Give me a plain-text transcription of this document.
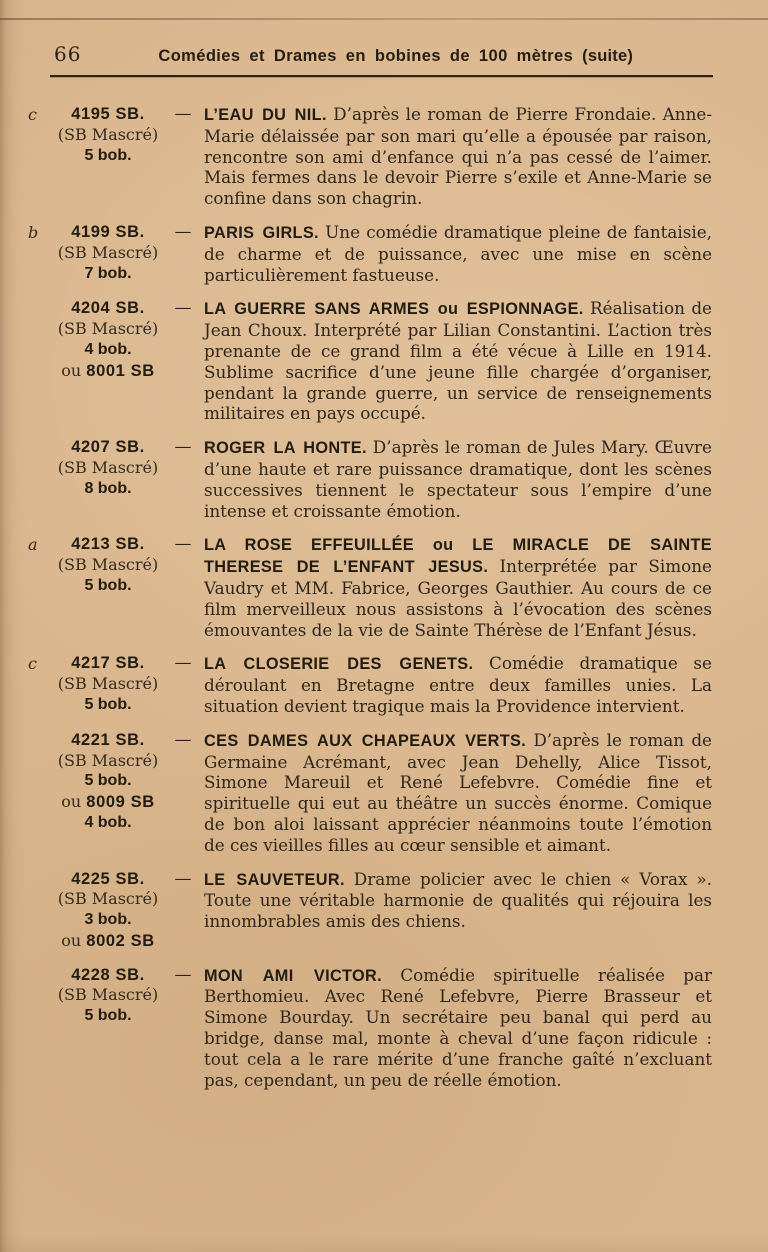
66	Comédies et Drames en bobines de 100 mètres (suite)
c	4195 SB.
(SB Mascré)
5 bob.
— L’EAU DU NIL. D’après le roman de Pierre Frondaie. Anne-Marie délaissée par son mari qu’elle a épousée par raison, rencontre son ami d’enfance qui n’a pas cessé de l’aimer. Mais fermes dans le devoir Pierre s’exile et Anne-Marie se confine dans son chagrin.

b	4199 SB.
(SB Mascré)
7 bob.
— PARIS GIRLS. Une comédie dramatique pleine de fantaisie, de charme et de puissance, avec une mise en scène particulièrement fastueuse.

4204 SB.
(SB Mascré)
4 bob.
ou 8001 SB
— LA GUERRE SANS ARMES ou ESPIONNAGE. Réalisation de Jean Choux. Interprété par Lilian Constantini. L’action très prenante de ce grand film a été vécue à Lille en 1914. Sublime sacrifice d’une jeune fille chargée d’organiser, pendant la grande guerre, un service de renseignements militaires en pays occupé.

4207 SB.
(SB Mascré)
8 bob.
— ROGER LA HONTE. D’après le roman de Jules Mary. Œuvre d’une haute et rare puissance dramatique, dont les scènes successives tiennent le spectateur sous l’empire d’une intense et croissante émotion.

a	4213 SB.
(SB Mascré)
5 bob.
— LA ROSE EFFEUILLÉE ou LE MIRACLE DE SAINTE THERESE DE L’ENFANT JESUS. Interprétée par Simone Vaudry et MM. Fabrice, Georges Gauthier. Au cours de ce film merveilleux nous assistons à l’évocation des scènes émouvantes de la vie de Sainte Thérèse de l’Enfant Jésus.

c	4217 SB.
(SB Mascré)
5 bob.
— LA CLOSERIE DES GENETS. Comédie dramatique se déroulant en Bretagne entre deux familles unies. La situation devient tragique mais la Providence intervient.

4221 SB.
(SB Mascré)
5 bob.
ou 8009 SB
4 bob.
— CES DAMES AUX CHAPEAUX VERTS. D’après le roman de Germaine Acrémant, avec Jean Dehelly, Alice Tissot, Simone Mareuil et René Lefebvre. Comédie fine et spirituelle qui eut au théâtre un succès énorme. Comique de bon aloi laissant apprécier néanmoins toute l’émotion de ces vieilles filles au cœur sensible et aimant.

4225 SB.
(SB Mascré)
3 bob.
ou 8002 SB
— LE SAUVETEUR. Drame policier avec le chien « Vorax ». Toute une véritable harmonie de qualités qui réjouira les innombrables amis des chiens.

4228 SB.
(SB Mascré)
5 bob.
— MON AMI VICTOR. Comédie spirituelle réalisée par Berthomieu. Avec René Lefebvre, Pierre Brasseur et Simone Bourday. Un secrétaire peu banal qui perd au bridge, danse mal, monte à cheval d’une façon ridicule : tout cela a le rare mérite d’une franche gaîté n’excluant pas, cependant, un peu de réelle émotion.
